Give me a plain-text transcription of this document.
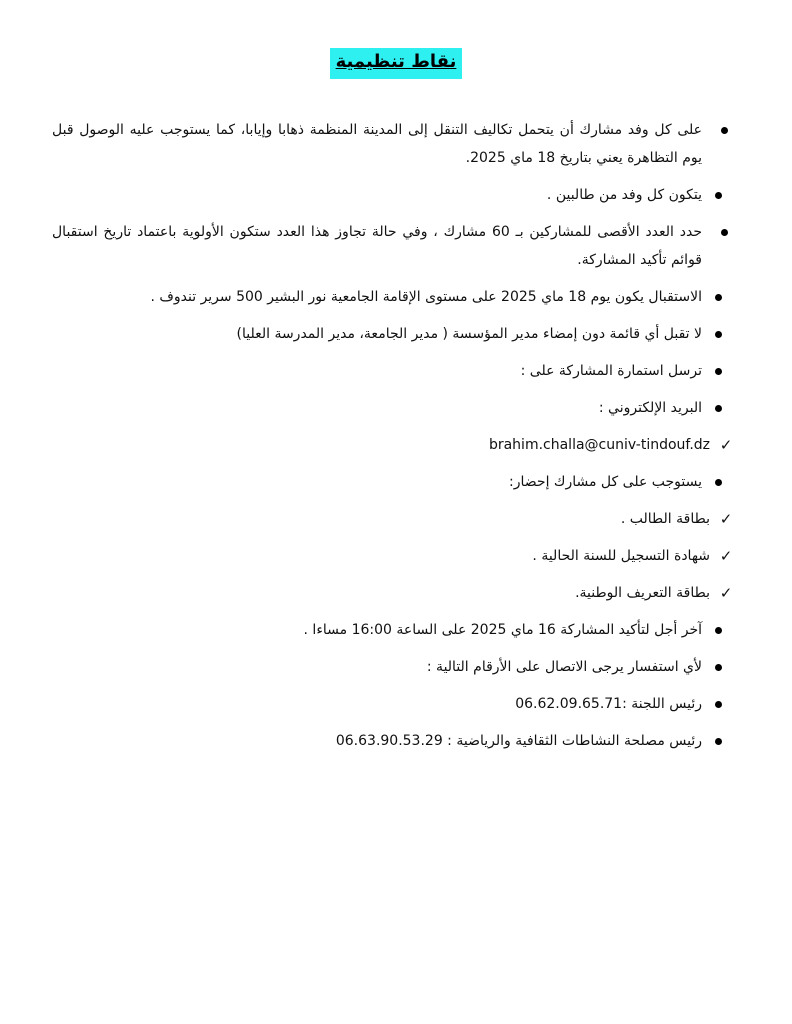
نقاط تنظيمية
على كل وفد مشارك أن يتحمل تكاليف التنقل إلى المدينة المنظمة ذهابا وإيابا، كما يستوجب عليه الوصول قبل يوم التظاهرة يعني بتاريخ 18 ماي 2025.
يتكون كل وفد من طالبين .
حدد العدد الأقصى للمشاركين بـ 60 مشارك ، وفي حالة تجاوز هذا العدد ستكون الأولوية باعتماد تاريخ استقبال قوائم تأكيد المشاركة.
الاستقبال يكون يوم 18 ماي 2025 على مستوى الإقامة الجامعية نور البشير 500 سرير تندوف .
لا تقبل أي قائمة دون إمضاء مدير المؤسسة ( مدير الجامعة، مدير المدرسة العليا)
ترسل استمارة المشاركة على :
البريد الإلكتروني :
✓
brahim.challa@cuniv-tindouf.dz
يستوجب على كل مشارك إحضار:
✓
بطاقة الطالب .
✓
شهادة التسجيل للسنة الحالية .
✓
بطاقة التعريف الوطنية.
آخر أجل لتأكيد المشاركة 16 ماي 2025 على الساعة 16:00 مساءا .
لأي استفسار يرجى الاتصال على الأرقام التالية :
رئيس اللجنة :06.62.09.65.71
رئيس مصلحة النشاطات الثقافية والرياضية : 06.63.90.53.29
